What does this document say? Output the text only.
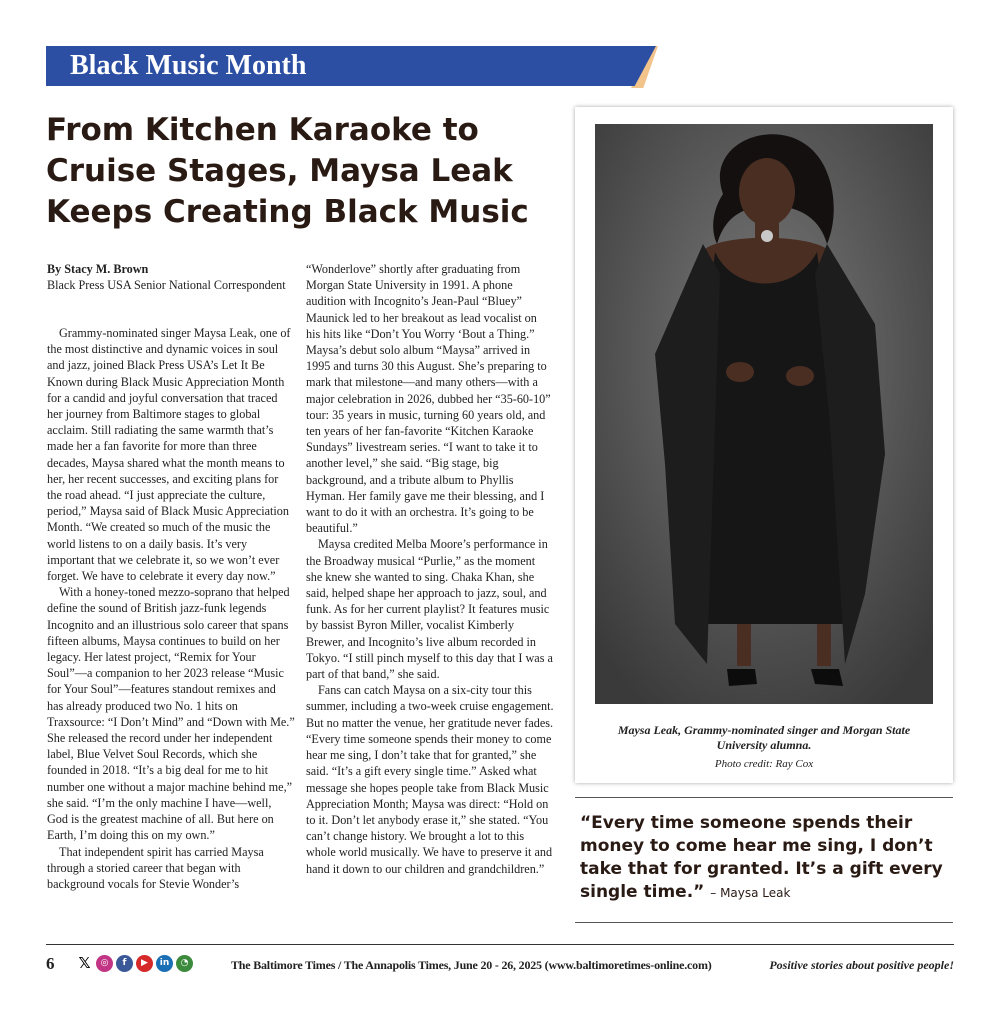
Black Music Month
From Kitchen Karaoke to Cruise Stages, Maysa Leak Keeps Creating Black Music
By Stacy M. Brown
Black Press USA Senior National Correspondent

Grammy-nominated singer Maysa Leak, one of the most distinctive and dynamic voices in soul and jazz, joined Black Press USA’s Let It Be Known during Black Music Appreciation Month for a candid and joyful conversation that traced her journey from Baltimore stages to global acclaim. Still radiating the same warmth that’s made her a fan favorite for more than three decades, Maysa shared what the month means to her, her recent successes, and exciting plans for the road ahead. “I just appreciate the culture, period,” Maysa said of Black Music Appreciation Month. “We created so much of the music the world listens to on a daily basis. It’s very important that we celebrate it, so we won’t ever forget. We have to celebrate it every day now.”

With a honey-toned mezzo-soprano that helped define the sound of British jazz-funk legends Incognito and an illustrious solo career that spans fifteen albums, Maysa continues to build on her legacy. Her latest project, “Remix for Your Soul”—a companion to her 2023 release “Music for Your Soul”—features standout remixes and has already produced two No. 1 hits on Traxsource: “I Don’t Mind” and “Down with Me.” She released the record under her independent label, Blue Velvet Soul Records, which she founded in 2018. “It’s a big deal for me to hit number one without a major machine behind me,” she said. “I’m the only machine I have—well, God is the greatest machine of all. But here on Earth, I’m doing this on my own.”

That independent spirit has carried Maysa through a storied career that began with background vocals for Stevie Wonder’s

“Wonderlove” shortly after graduating from Morgan State University in 1991. A phone audition with Incognito’s Jean-Paul “Bluey” Maunick led to her breakout as lead vocalist on his hits like “Don’t You Worry ‘Bout a Thing.” Maysa’s debut solo album “Maysa” arrived in 1995 and turns 30 this August. She’s preparing to mark that milestone—and many others—with a major celebration in 2026, dubbed her “35-60-10” tour: 35 years in music, turning 60 years old, and ten years of her fan-favorite “Kitchen Karaoke Sundays” livestream series. “I want to take it to another level,” she said. “Big stage, big background, and a tribute album to Phyllis Hyman. Her family gave me their blessing, and I want to do it with an orchestra. It’s going to be beautiful.”

Maysa credited Melba Moore’s performance in the Broadway musical “Purlie,” as the moment she knew she wanted to sing. Chaka Khan, she said, helped shape her approach to jazz, soul, and funk. As for her current playlist? It features music by bassist Byron Miller, vocalist Kimberly Brewer, and Incognito’s live album recorded in Tokyo. “I still pinch myself to this day that I was a part of that band,” she said.

Fans can catch Maysa on a six-city tour this summer, including a two-week cruise engagement. But no matter the venue, her gratitude never fades. “Every time someone spends their money to come hear me sing, I don’t take that for granted,” she said. “It’s a gift every single time.” Asked what message she hopes people take from Black Music Appreciation Month; Maysa was direct: “Hold on to it. Don’t let anybody erase it,” she stated. “You can’t change history. We brought a lot to this whole world musically. We have to preserve it and hand it down to our children and grandchildren.”

Maysa Leak, Grammy-nominated singer and Morgan State University alumna.
Photo credit: Ray Cox
“Every time someone spends their money to come hear me sing, I don’t take that for granted. It’s a gift every single time.” – Maysa Leak
6 𝕏	◎	f	▶	in	◔	The Baltimore Times / The Annapolis Times, June 20 - 26, 2025 (www.baltimoretimes-online.com)	Positive stories about positive people!
